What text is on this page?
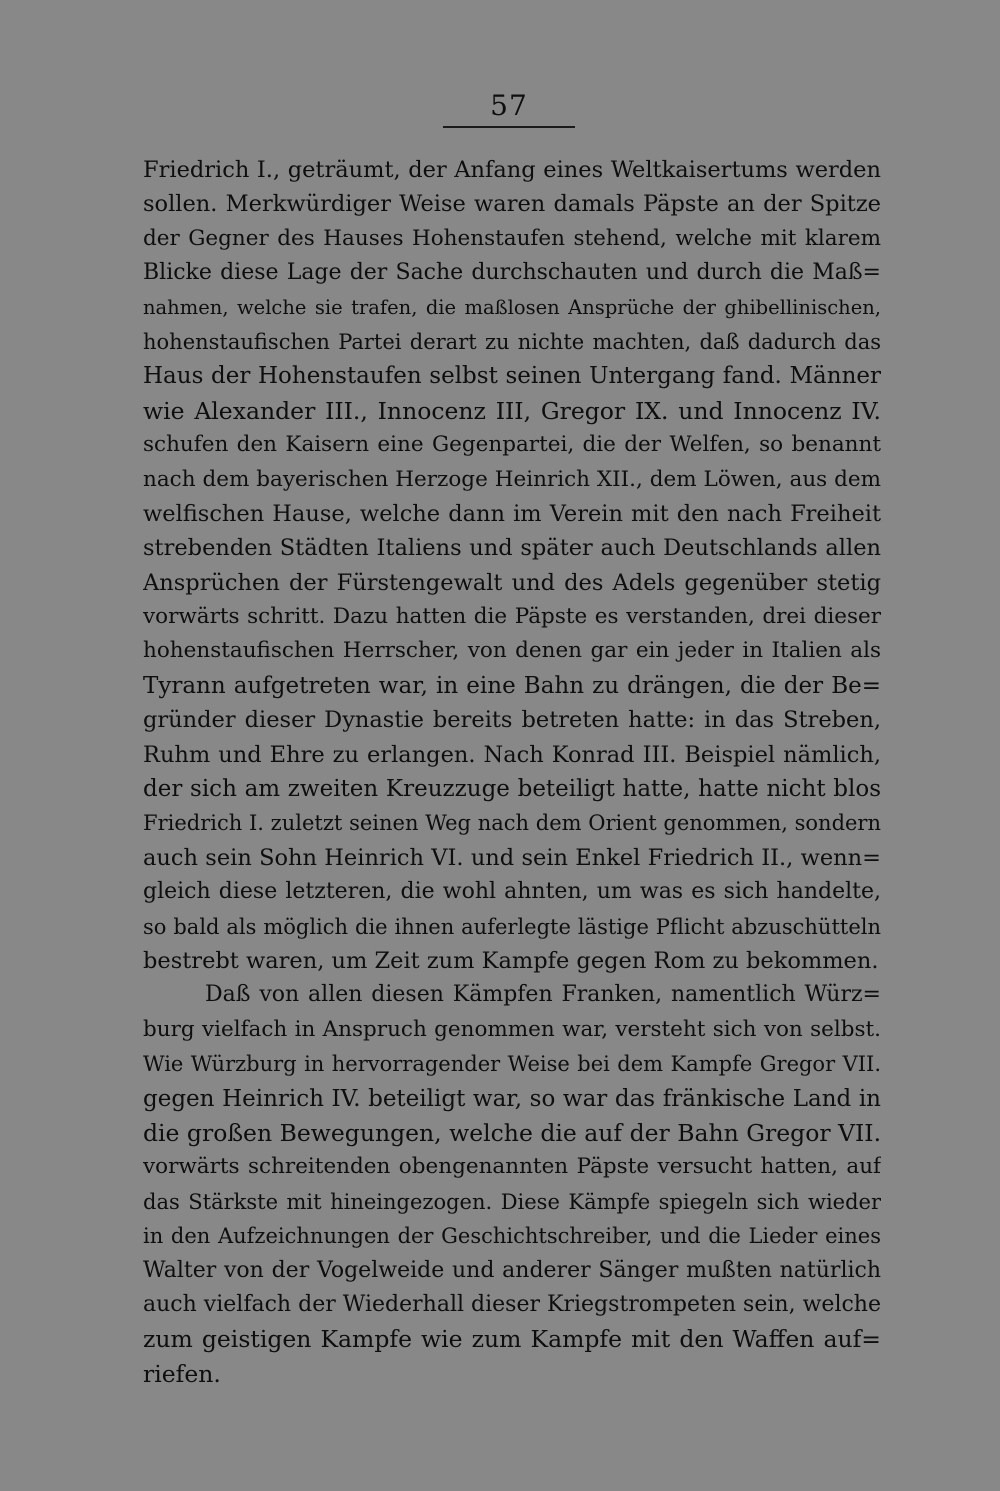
57
Friedrich I., geträumt, der Anfang eines Weltkaisertums werden
sollen. Merkwürdiger Weise waren damals Päpste an der Spitze
der Gegner des Hauses Hohenstaufen stehend, welche mit klarem
Blicke diese Lage der Sache durchschauten und durch die Maß=
nahmen, welche sie trafen, die maßlosen Ansprüche der ghibellinischen,
hohenstaufischen Partei derart zu nichte machten, daß dadurch das
Haus der Hohenstaufen selbst seinen Untergang fand. Männer
wie Alexander III., Innocenz III, Gregor IX. und Innocenz IV.
schufen den Kaisern eine Gegenpartei, die der Welfen, so benannt
nach dem bayerischen Herzoge Heinrich XII., dem Löwen, aus dem
welfischen Hause, welche dann im Verein mit den nach Freiheit
strebenden Städten Italiens und später auch Deutschlands allen
Ansprüchen der Fürstengewalt und des Adels gegenüber stetig
vorwärts schritt. Dazu hatten die Päpste es verstanden, drei dieser
hohenstaufischen Herrscher, von denen gar ein jeder in Italien als
Tyrann aufgetreten war, in eine Bahn zu drängen, die der Be=
gründer dieser Dynastie bereits betreten hatte: in das Streben,
Ruhm und Ehre zu erlangen. Nach Konrad III. Beispiel nämlich,
der sich am zweiten Kreuzzuge beteiligt hatte, hatte nicht blos
Friedrich I. zuletzt seinen Weg nach dem Orient genommen, sondern
auch sein Sohn Heinrich VI. und sein Enkel Friedrich II., wenn=
gleich diese letzteren, die wohl ahnten, um was es sich handelte,
so bald als möglich die ihnen auferlegte lästige Pflicht abzuschütteln
bestrebt waren, um Zeit zum Kampfe gegen Rom zu bekommen.
Daß von allen diesen Kämpfen Franken, namentlich Würz=
burg vielfach in Anspruch genommen war, versteht sich von selbst.
Wie Würzburg in hervorragender Weise bei dem Kampfe Gregor VII.
gegen Heinrich IV. beteiligt war, so war das fränkische Land in
die großen Bewegungen, welche die auf der Bahn Gregor VII.
vorwärts schreitenden obengenannten Päpste versucht hatten, auf
das Stärkste mit hineingezogen. Diese Kämpfe spiegeln sich wieder
in den Aufzeichnungen der Geschichtschreiber, und die Lieder eines
Walter von der Vogelweide und anderer Sänger mußten natürlich
auch vielfach der Wiederhall dieser Kriegstrompeten sein, welche
zum geistigen Kampfe wie zum Kampfe mit den Waffen auf=
riefen.
